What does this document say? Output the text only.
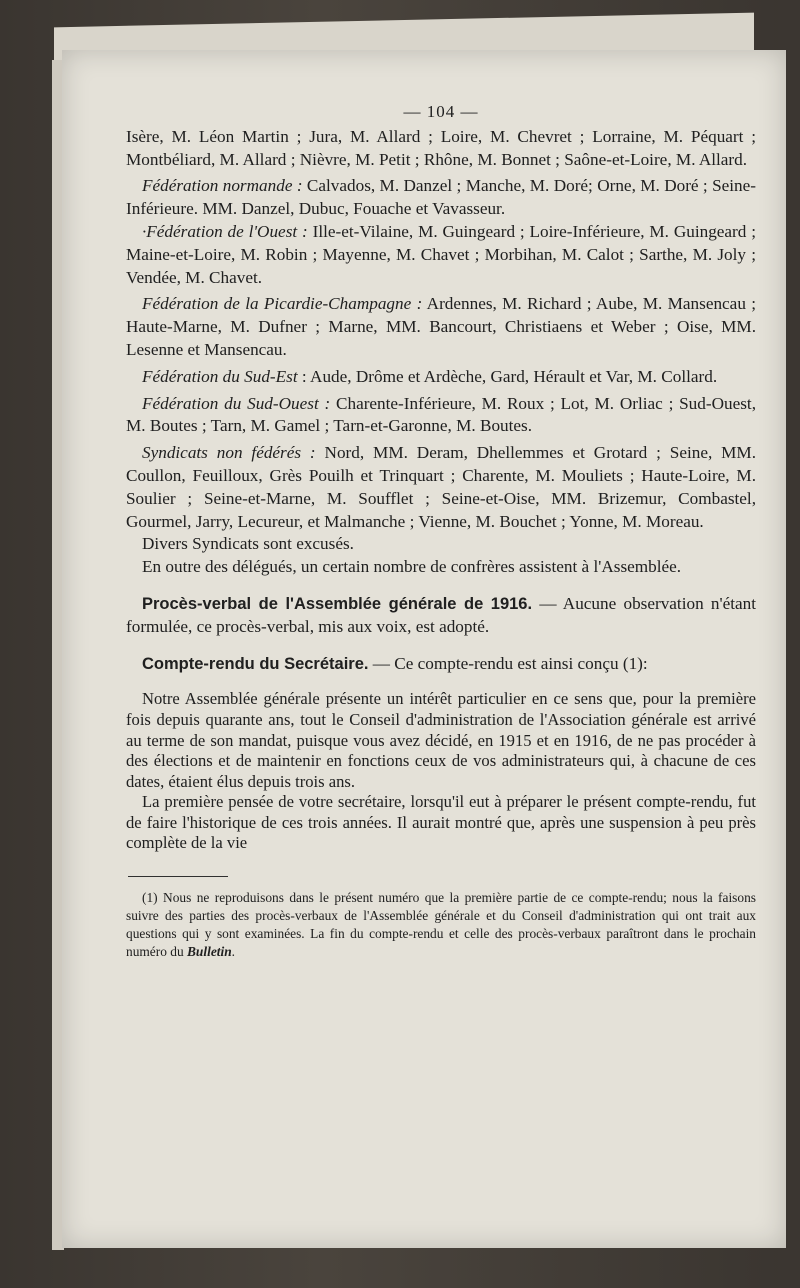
— 104 —

Isère, M. Léon Martin ; Jura, M. Allard ; Loire, M. Chevret ; Lorraine, M. Péquart ; Montbéliard, M. Allard ; Nièvre, M. Petit ; Rhône, M. Bonnet ; Saône-et-Loire, M. Allard.

Fédération normande : Calvados, M. Danzel ; Manche, M. Doré; Orne, M. Doré ; Seine-Inférieure. MM. Danzel, Dubuc, Fouache et Vavasseur.

·Fédération de l'Ouest : Ille-et-Vilaine, M. Guingeard ; Loire-Inférieure, M. Guingeard ; Maine-et-Loire, M. Robin ; Mayenne, M. Chavet ; Morbihan, M. Calot ; Sarthe, M. Joly ; Vendée, M. Chavet.

Fédération de la Picardie-Champagne : Ardennes, M. Richard ; Aube, M. Mansencau ; Haute-Marne, M. Dufner ; Marne, MM. Bancourt, Christiaens et Weber ; Oise, MM. Lesenne et Mansencau.

Fédération du Sud-Est : Aude, Drôme et Ardèche, Gard, Hérault et Var, M. Collard.

Fédération du Sud-Ouest : Charente-Inférieure, M. Roux ; Lot, M. Orliac ; Sud-Ouest, M. Boutes ; Tarn, M. Gamel ; Tarn-et-Garonne, M. Boutes.

Syndicats non fédérés : Nord, MM. Deram, Dhellemmes et Grotard ; Seine, MM. Coullon, Feuilloux, Grès Pouilh et Trinquart ; Charente, M. Mouliets ; Haute-Loire, M. Soulier ; Seine-et-Marne, M. Soufflet ; Seine-et-Oise, MM. Brizemur, Combastel, Gourmel, Jarry, Lecureur, et Malmanche ; Vienne, M. Bouchet ; Yonne, M. Moreau.

Divers Syndicats sont excusés.

En outre des délégués, un certain nombre de confrères assistent à l'Assemblée.

Procès-verbal de l'Assemblée générale de 1916. — Aucune observation n'étant formulée, ce procès-verbal, mis aux voix, est adopté.

Compte-rendu du Secrétaire. — Ce compte-rendu est ainsi conçu (1):

Notre Assemblée générale présente un intérêt particulier en ce sens que, pour la première fois depuis quarante ans, tout le Conseil d'administration de l'Association générale est arrivé au terme de son mandat, puisque vous avez décidé, en 1915 et en 1916, de ne pas procéder à des élections et de maintenir en fonctions ceux de vos administrateurs qui, à chacune de ces dates, étaient élus depuis trois ans.

La première pensée de votre secrétaire, lorsqu'il eut à préparer le présent compte-rendu, fut de faire l'historique de ces trois années. Il aurait montré que, après une suspension à peu près complète de la vie

(1) Nous ne reproduisons dans le présent numéro que la première partie de ce compte-rendu; nous la faisons suivre des parties des procès-verbaux de l'Assemblée générale et du Conseil d'administration qui ont trait aux questions qui y sont examinées. La fin du compte-rendu et celle des procès-verbaux paraîtront dans le prochain numéro du Bulletin.
